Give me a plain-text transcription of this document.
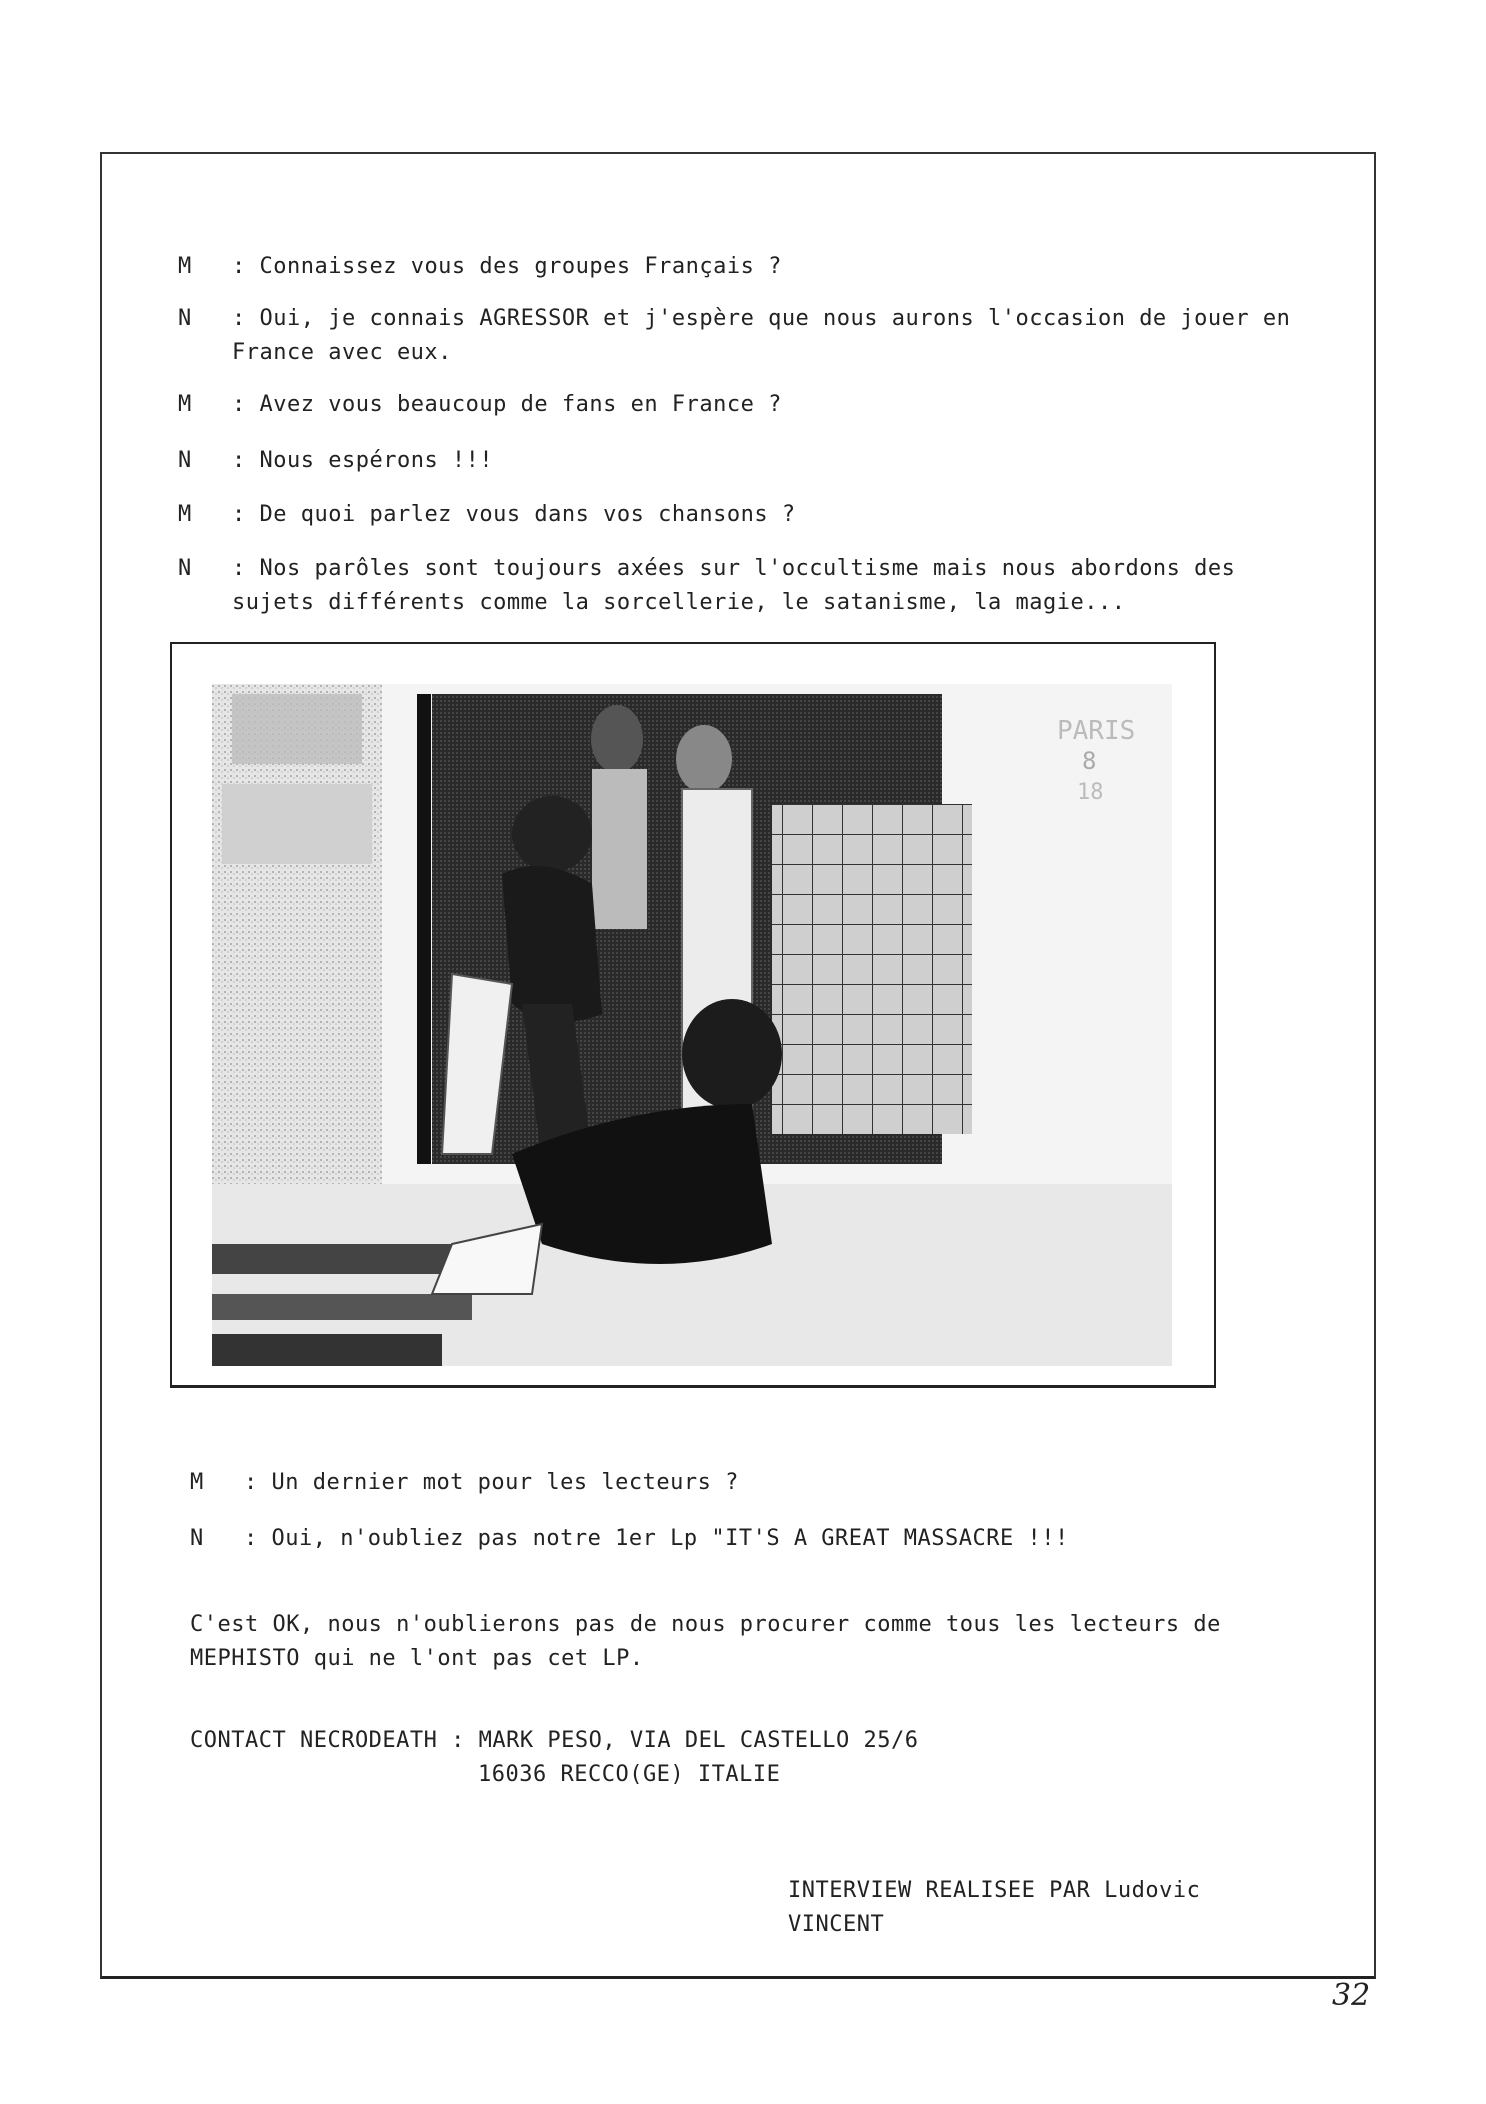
M : Connaissez vous des groupes Français ?
N : Oui, je connais AGRESSOR et j'espère que nous aurons l'occasion de jouer en
France avec eux.
M : Avez vous beaucoup de fans en France ?
N : Nous espérons !!!
M : De quoi parlez vous dans vos chansons ?
N : Nos parôles sont toujours axées sur l'occultisme mais nous abordons des
sujets différents comme la sorcellerie, le satanisme, la magie...
PARIS
8
18
M : Un dernier mot pour les lecteurs ?
N : Oui, n'oubliez pas notre 1er Lp "IT'S A GREAT MASSACRE !!!
C'est OK, nous n'oublierons pas de nous procurer comme tous les lecteurs de
MEPHISTO qui ne l'ont pas cet LP.
CONTACT NECRODEATH : MARK PESO, VIA DEL CASTELLO 25/6
16036 RECCO(GE) ITALIE
INTERVIEW REALISEE PAR Ludovic
VINCENT
32
